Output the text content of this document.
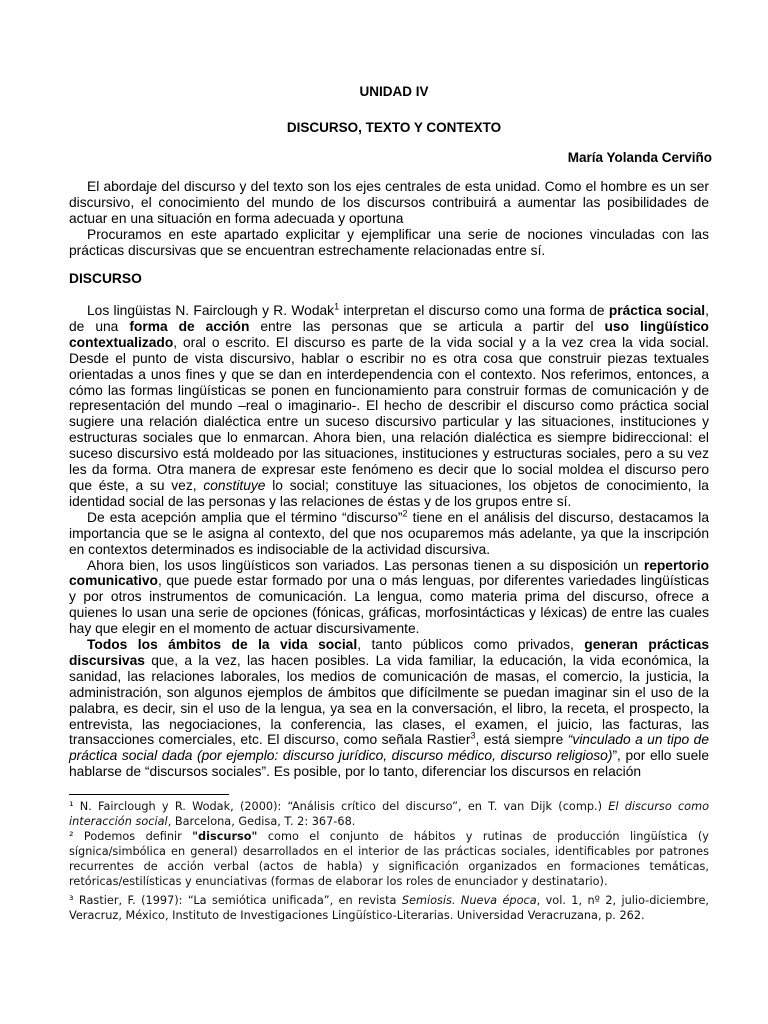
UNIDAD IV
DISCURSO, TEXTO Y CONTEXTO
María Yolanda Cerviño

El abordaje del discurso y del texto son los ejes centrales de esta unidad. Como el hombre es un ser discursivo, el conocimiento del mundo de los discursos contribuirá a aumentar las posibilidades de actuar en una situación en forma adecuada y oportuna

Procuramos en este apartado explicitar y ejemplificar una serie de nociones vinculadas con las prácticas discursivas que se encuentran estrechamente relacionadas entre sí.

DISCURSO

Los lingüistas N. Fairclough y R. Wodak$^1$ interpretan el discurso como una forma de práctica social, de una forma de acción entre las personas que se articula a partir del uso lingüístico contextualizado, oral o escrito. El discurso es parte de la vida social y a la vez crea la vida social. Desde el punto de vista discursivo, hablar o escribir no es otra cosa que construir piezas textuales orientadas a unos fines y que se dan en interdependencia con el contexto. Nos referimos, entonces, a cómo las formas lingüísticas se ponen en funcionamiento para construir formas de comunicación y de representación del mundo –real o imaginario-. El hecho de describir el discurso como práctica social sugiere una relación dialéctica entre un suceso discursivo particular y las situaciones, instituciones y estructuras sociales que lo enmarcan. Ahora bien, una relación dialéctica es siempre bidireccional: el suceso discursivo está moldeado por las situaciones, instituciones y estructuras sociales, pero a su vez les da forma. Otra manera de expresar este fenómeno es decir que lo social moldea el discurso pero que éste, a su vez, constituye lo social; constituye las situaciones, los objetos de conocimiento, la identidad social de las personas y las relaciones de éstas y de los grupos entre sí.

De esta acepción amplia que el término “discurso”$^2$ tiene en el análisis del discurso, destacamos la importancia que se le asigna al contexto, del que nos ocuparemos más adelante, ya que la inscripción en contextos determinados es indisociable de la actividad discursiva.

Ahora bien, los usos lingüísticos son variados. Las personas tienen a su disposición un repertorio comunicativo, que puede estar formado por una o más lenguas, por diferentes variedades lingüísticas y por otros instrumentos de comunicación. La lengua, como materia prima del discurso, ofrece a quienes lo usan una serie de opciones (fónicas, gráficas, morfosintácticas y léxicas) de entre las cuales hay que elegir en el momento de actuar discursivamente.

Todos los ámbitos de la vida social, tanto públicos como privados, generan prácticas discursivas que, a la vez, las hacen posibles. La vida familiar, la educación, la vida económica, la sanidad, las relaciones laborales, los medios de comunicación de masas, el comercio, la justicia, la administración, son algunos ejemplos de ámbitos que difícilmente se puedan imaginar sin el uso de la palabra, es decir, sin el uso de la lengua, ya sea en la conversación, el libro, la receta, el prospecto, la entrevista, las negociaciones, la conferencia, las clases, el examen, el juicio, las facturas, las transacciones comerciales, etc. El discurso, como señala Rastier$^3$, está siempre “vinculado a un tipo de práctica social dada (por ejemplo: discurso jurídico, discurso médico, discurso religioso)”, por ello suele hablarse de “discursos sociales”. Es posible, por lo tanto, diferenciar los discursos en relación

¹ N. Fairclough y R. Wodak, (2000): “Análisis crítico del discurso”, en T. van Dijk (comp.) El discurso como interacción social, Barcelona, Gedisa, T. 2: 367-68.
² Podemos definir "discurso" como el conjunto de hábitos y rutinas de producción lingüística (y sígnica/simbólica en general) desarrollados en el interior de las prácticas sociales, identificables por patrones recurrentes de acción verbal (actos de habla) y significación organizados en formaciones temáticas, retóricas/estilísticas y enunciativas (formas de elaborar los roles de enunciador y destinatario).
³ Rastier, F. (1997): “La semiótica unificada”, en revista Semiosis. Nueva época, vol. 1, nº 2, julio-diciembre, Veracruz, México, Instituto de Investigaciones Lingüístico-Literarias. Universidad Veracruzana, p. 262.
